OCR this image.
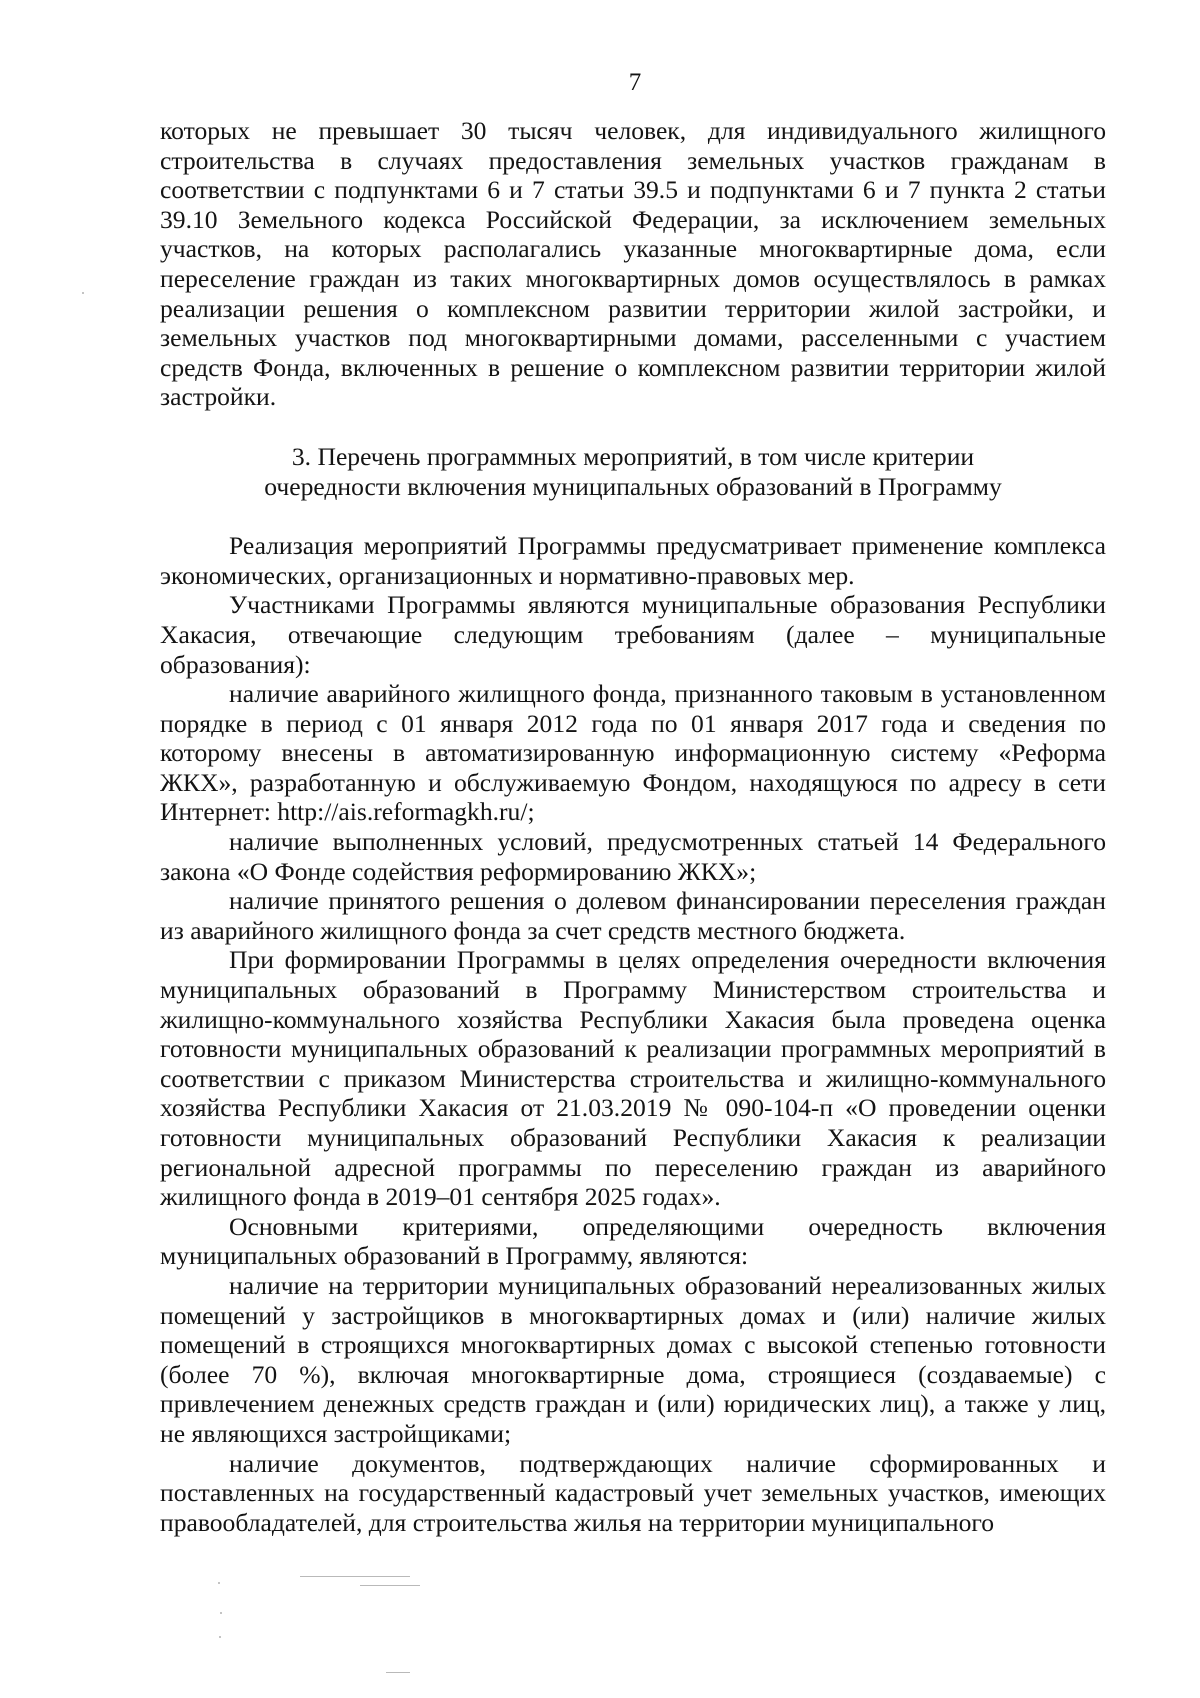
7

которых не превышает 30 тысяч человек, для индивидуального жилищного строительства в случаях предоставления земельных участков гражданам в соответствии с подпунктами 6 и 7 статьи 39.5 и подпунктами 6 и 7 пункта 2 статьи 39.10 Земельного кодекса Российской Федерации, за исключением земельных участков, на которых располагались указанные многоквартирные дома, если переселение граждан из таких многоквартирных домов осуществлялось в рамках реализации решения о комплексном развитии территории жилой застройки, и земельных участков под многоквартирными домами, расселенными с участием средств Фонда, включенных в решение о комплексном развитии территории жилой застройки.

3. Перечень программных мероприятий, в том числе критерии
очередности включения муниципальных образований в Программу

Реализация мероприятий Программы предусматривает применение комплекса экономических, организационных и нормативно-правовых мер.

Участниками Программы являются муниципальные образования Республики Хакасия, отвечающие следующим требованиям (далее – муниципальные образования):

наличие аварийного жилищного фонда, признанного таковым в установленном порядке в период с 01 января 2012 года по 01 января 2017 года и сведения по которому внесены в автоматизированную информационную систему «Реформа ЖКХ», разработанную и обслуживаемую Фондом, находящуюся по адресу в сети Интернет: http://ais.reformagkh.ru/;

наличие выполненных условий, предусмотренных статьей 14 Федерального закона «О Фонде содействия реформированию ЖКХ»;

наличие принятого решения о долевом финансировании переселения граждан из аварийного жилищного фонда за счет средств местного бюджета.

При формировании Программы в целях определения очередности включения муниципальных образований в Программу Министерством строительства и жилищно-коммунального хозяйства Республики Хакасия была проведена оценка готовности муниципальных образований к реализации программных мероприятий в соответствии с приказом Министерства строительства и жилищно-коммунального хозяйства Республики Хакасия от 21.03.2019 № 090-104-п «О проведении оценки готовности муниципальных образований Республики Хакасия к реализации региональной адресной программы по переселению граждан из аварийного жилищного фонда в 2019–01 сентября 2025 годах».

Основными критериями, определяющими очередность включения муниципальных образований в Программу, являются:

наличие на территории муниципальных образований нереализованных жилых помещений у застройщиков в многоквартирных домах и (или) наличие жилых помещений в строящихся многоквартирных домах с высокой степенью готовности (более 70 %), включая многоквартирные дома, строящиеся (создаваемые) с привлечением денежных средств граждан и (или) юридических лиц), а также у лиц, не являющихся застройщиками;

наличие документов, подтверждающих наличие сформированных и поставленных на государственный кадастровый учет земельных участков, имеющих правообладателей, для строительства жилья на территории муниципального
